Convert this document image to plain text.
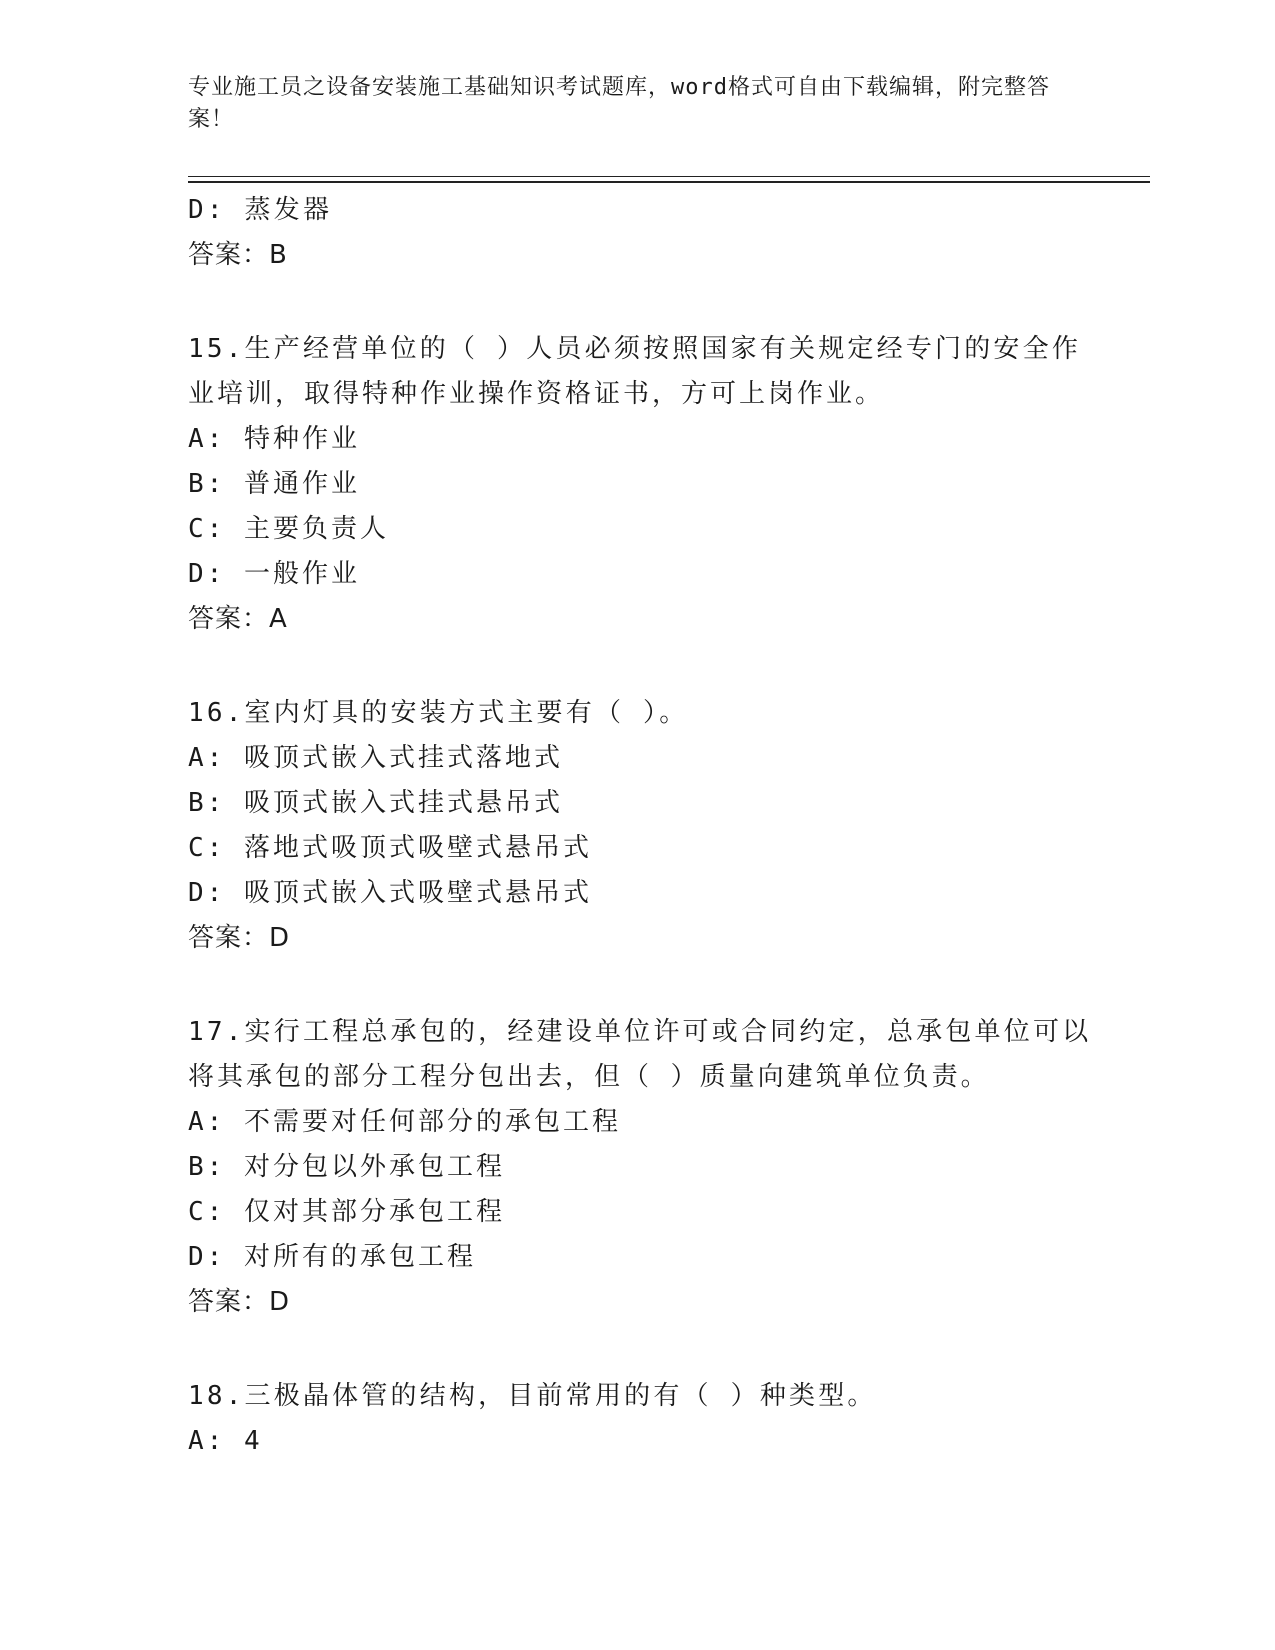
专业施工员之设备安装施工基础知识考试题库，word格式可自由下载编辑，附完整答案！
D: 蒸发器
答案：B
15.生产经营单位的（ ）人员必须按照国家有关规定经专门的安全作
业培训，取得特种作业操作资格证书，方可上岗作业。
A: 特种作业
B: 普通作业
C: 主要负责人
D: 一般作业
答案：A
16.室内灯具的安装方式主要有（ ）。
A: 吸顶式嵌入式挂式落地式
B: 吸顶式嵌入式挂式悬吊式
C: 落地式吸顶式吸壁式悬吊式
D: 吸顶式嵌入式吸壁式悬吊式
答案：D
17.实行工程总承包的，经建设单位许可或合同约定，总承包单位可以
将其承包的部分工程分包出去，但（ ）质量向建筑单位负责。
A: 不需要对任何部分的承包工程
B: 对分包以外承包工程
C: 仅对其部分承包工程
D: 对所有的承包工程
答案：D
18.三极晶体管的结构，目前常用的有（ ）种类型。
A: 4
